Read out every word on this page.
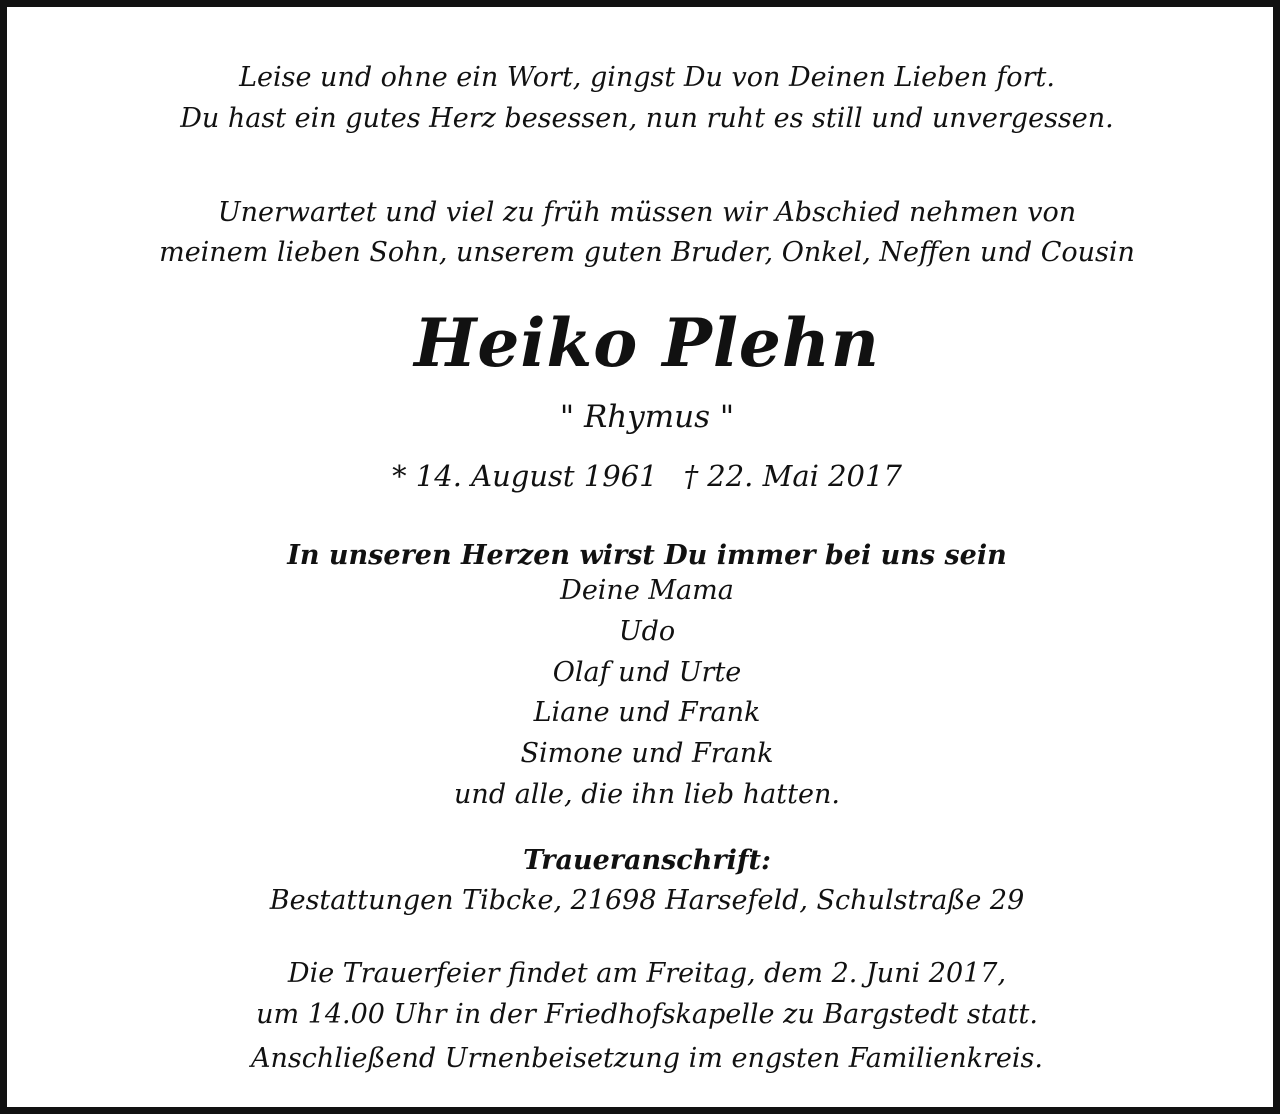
Leise und ohne ein Wort, gingst Du von Deinen Lieben fort.
Du hast ein gutes Herz besessen, nun ruht es still und unvergessen.
Unerwartet und viel zu früh müssen wir Abschied nehmen von
meinem lieben Sohn, unserem guten Bruder, Onkel, Neffen und Cousin
Heiko Plehn
" Rhymus "
* 14. August 1961 † 22. Mai 2017
In unseren Herzen wirst Du immer bei uns sein
Deine Mama
Udo
Olaf und Urte
Liane und Frank
Simone und Frank
und alle, die ihn lieb hatten.
Traueranschrift:
Bestattungen Tibcke, 21698 Harsefeld, Schulstraße 29
Die Trauerfeier findet am Freitag, dem 2. Juni 2017,
um 14.00 Uhr in der Friedhofskapelle zu Bargstedt statt.
Anschließend Urnenbeisetzung im engsten Familienkreis.
